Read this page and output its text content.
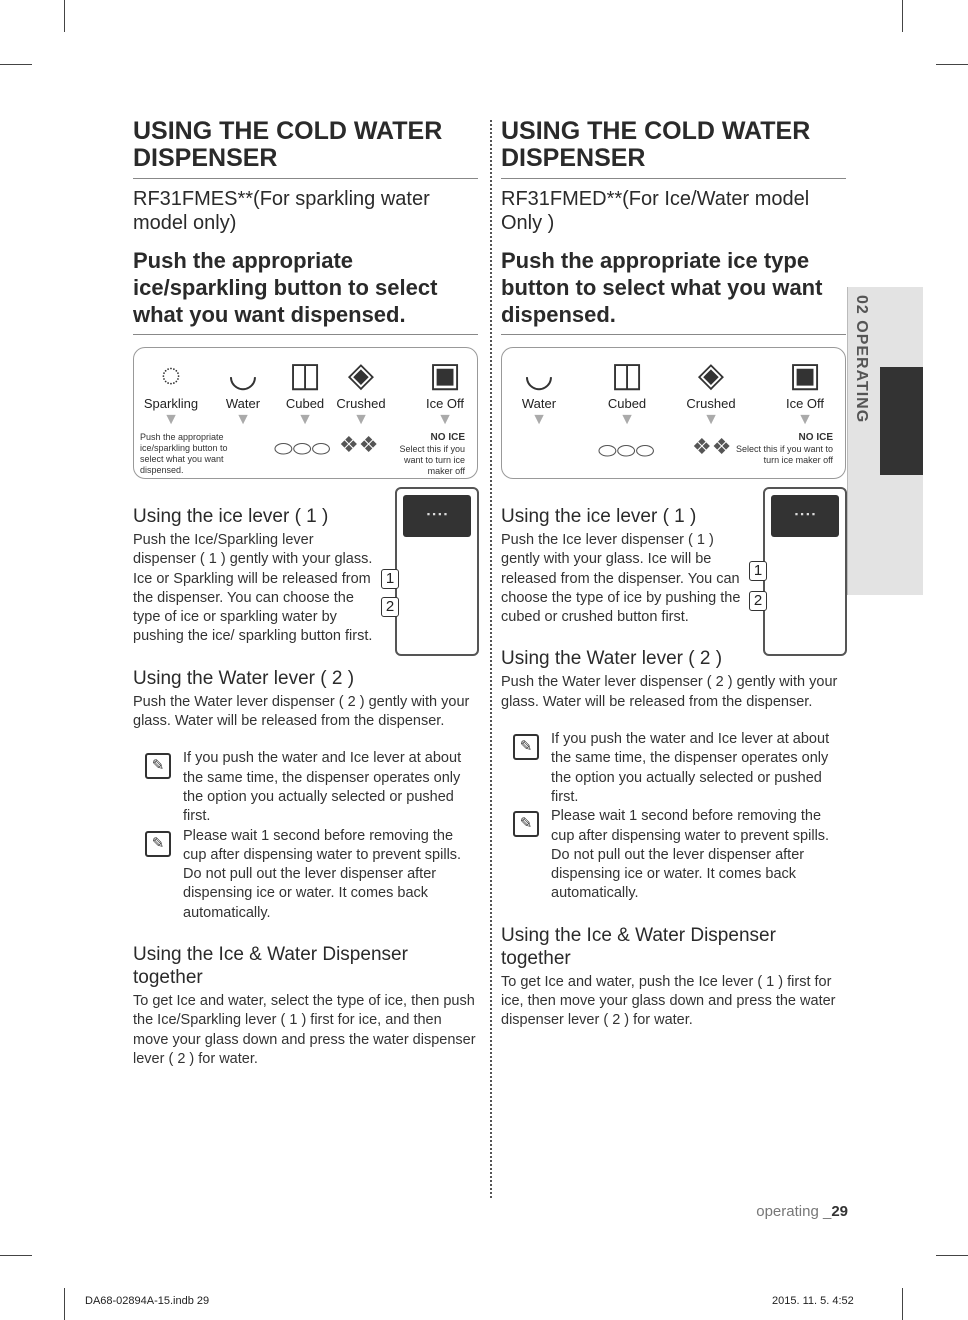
USING THE COLD WATER DISPENSER
RF31FMES**(For sparkling water model only)
Push the appropriate ice/sparkling button to select what you want dispensed.
◌
Sparkling
▼
◡
Water
▼
◫
Cubed
▼
◈
Crushed
▼
▣
Ice Off
▼
Push the appropriate ice/sparkling button to select what you want dispensed.
⬭⬭⬭ ❖❖	NO ICE
Select this if you want to turn ice maker off
Using the ice lever ( 1 )

Push the Ice/Sparkling lever dispenser ( 1 ) gently with your glass. Ice or Sparkling will be released from the dispenser. You can choose the type of ice or sparkling water by pushing the ice/ sparkling button first.

▪ ▪ ▪ ▪
1
2
Using the Water lever ( 2 )

Push the Water lever dispenser ( 2 ) gently with your glass. Water will be released from the dispenser.

✎	If you push the water and Ice lever at about the same time, the dispenser operates only the option you actually selected or pushed first.
✎	Please wait 1 second before removing the cup after dispensing water to prevent spills. Do not pull out the lever dispenser after dispensing ice or water. It comes back automatically.
Using the Ice & Water Dispenser together

To get Ice and water, select the type of ice, then push the Ice/Sparkling lever ( 1 ) first for ice, and then move your glass down and press the water dispenser lever ( 2 ) for water.

USING THE COLD WATER DISPENSER
RF31FMED**(For Ice/Water model Only )
Push the appropriate ice type button to select what you want dispensed.
◡
Water
▼
◫
Cubed
▼
◈
Crushed
▼
▣
Ice Off
▼
⬭⬭⬭ ❖❖	NO ICE
Select this if you want to turn ice maker off
Using the ice lever ( 1 )

Push the Ice lever dispenser ( 1 ) gently with your glass. Ice will be released from the dispenser. You can choose the type of ice by pushing the cubed or crushed button first.

▪ ▪ ▪ ▪
1
2
Using the Water lever ( 2 )

Push the Water lever dispenser ( 2 ) gently with your glass. Water will be released from the dispenser.

✎	If you push the water and Ice lever at about the same time, the dispenser operates only the option you actually selected or pushed first.
✎	Please wait 1 second before removing the cup after dispensing water to prevent spills. Do not pull out the lever dispenser after dispensing ice or water. It comes back automatically.
Using the Ice & Water Dispenser together

To get Ice and water, push the Ice lever ( 1 ) first for ice, then move your glass down and press the water dispenser lever ( 2 ) for water.

02 OPERATING
operating _29
DA68-02894A-15.indb 29	2015. 11. 5. 4:52
